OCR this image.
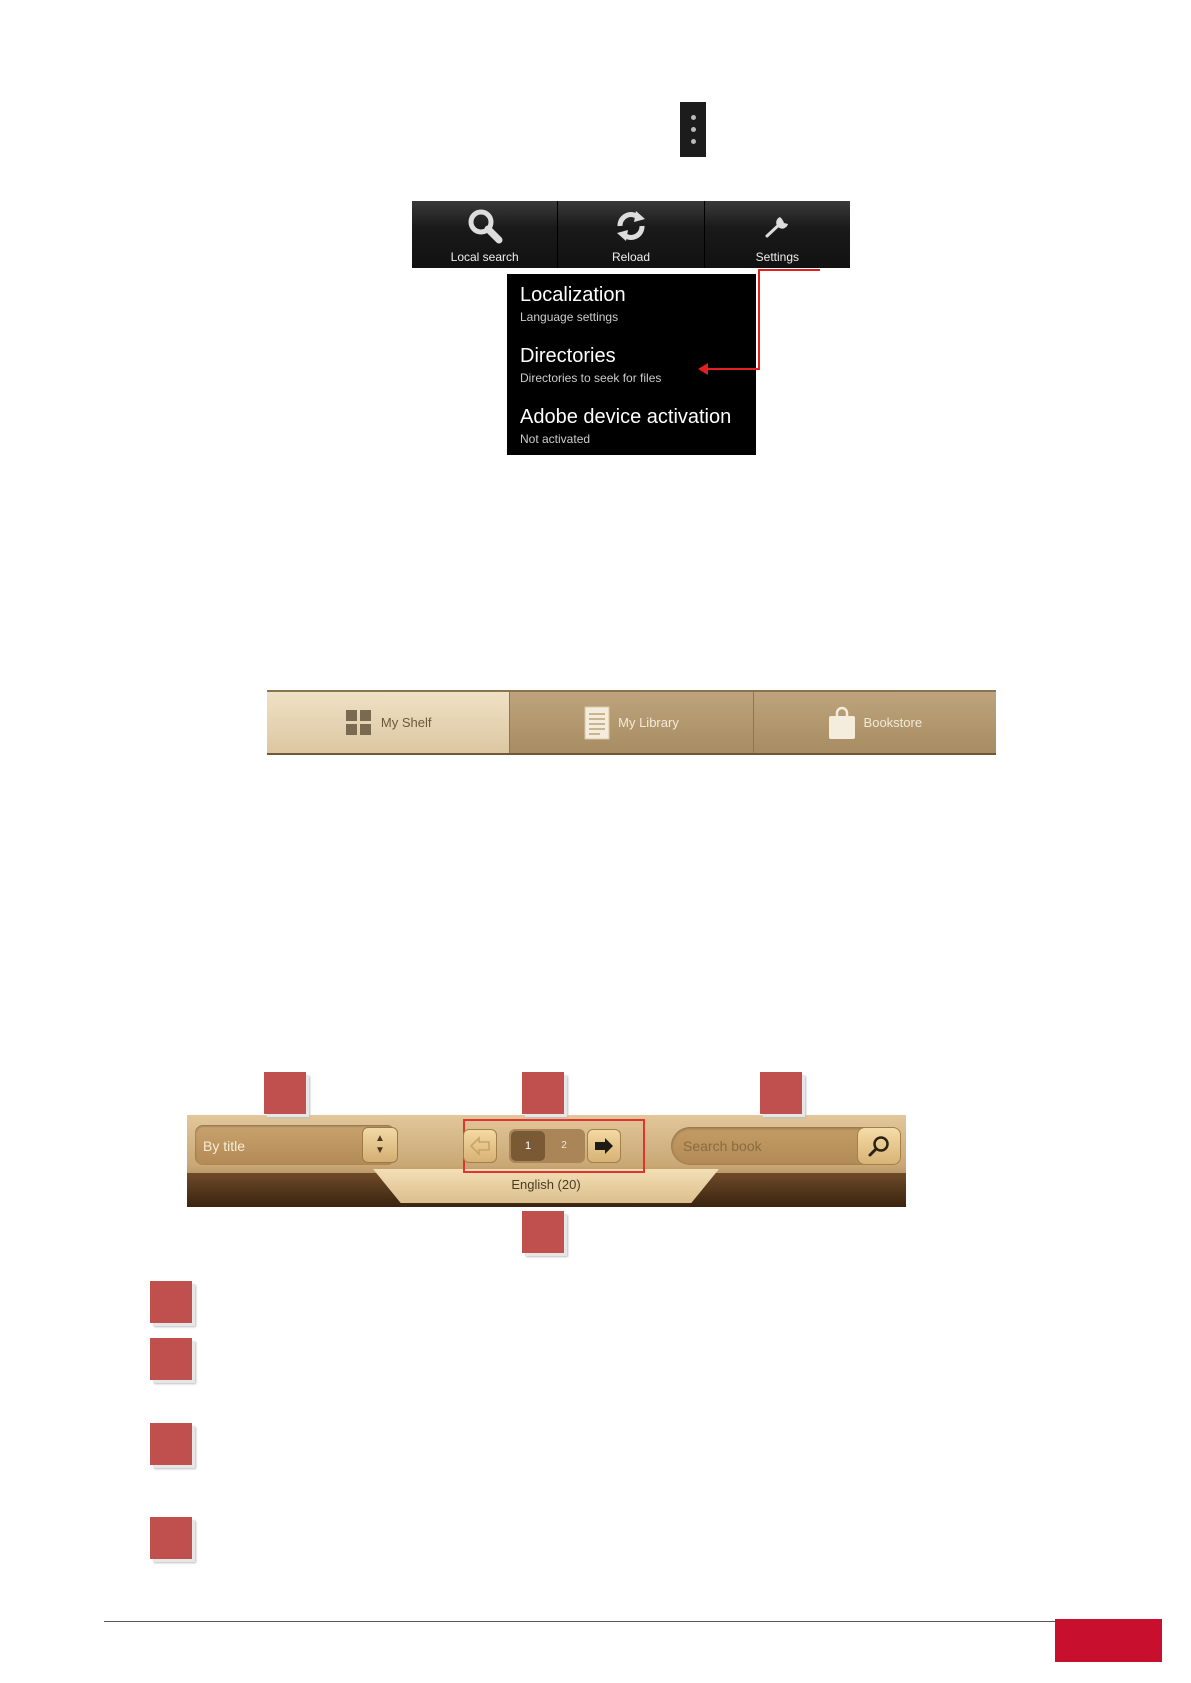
Local search	Reload	Settings
Localization
Language settings
Directories
Directories to seek for files
Adobe device activation
Not activated
My Shelf	My Library	Bookstore
English (20)
By title	▲
▼	1	2
Search book
